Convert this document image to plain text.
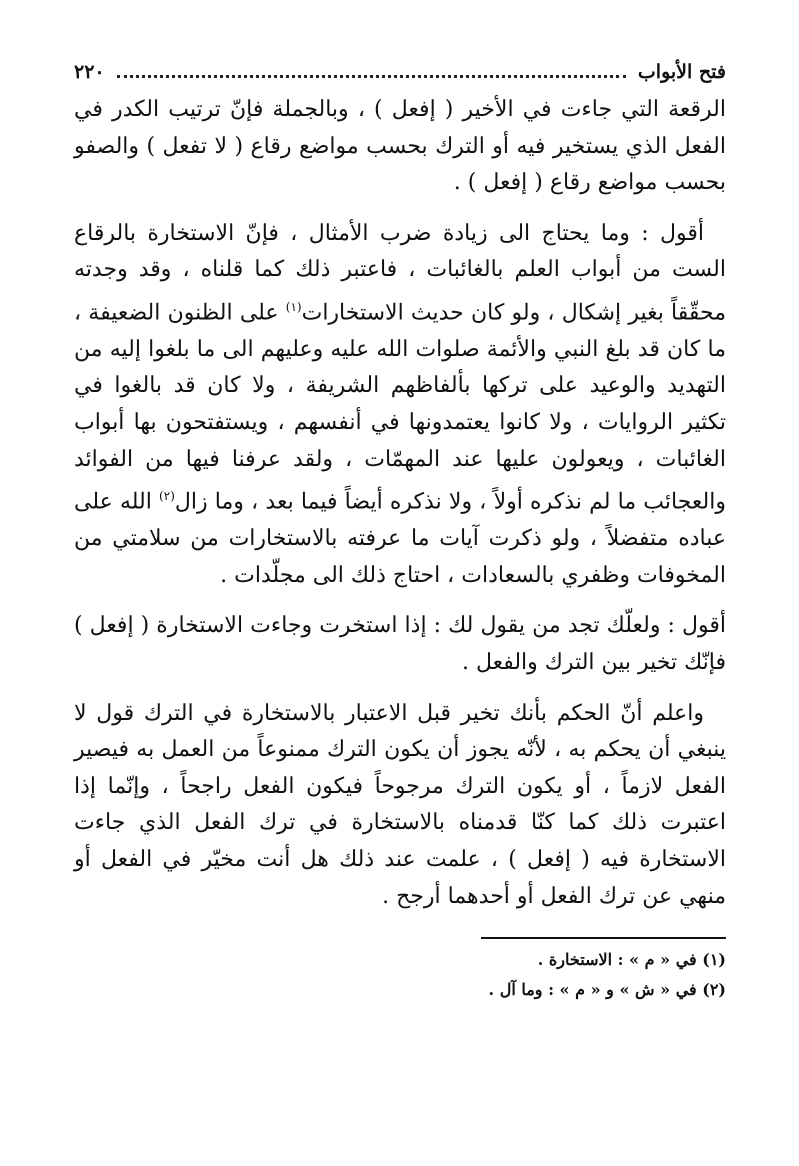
فتح الأبواب
٢٢٠

الرقعة التي جاءت في الأخير ( إفعل ) ، وبالجملة فإنّ ترتيب الكدر في الفعل الذي يستخير فيه أو الترك بحسب مواضع رقاع ( لا تفعل ) والصفو بحسب مواضع رقاع ( إفعل ) .

أقول : وما يحتاج الى زيادة ضرب الأمثال ، فإنّ الاستخارة بالرقاع الست من أبواب العلم بالغائبات ، فاعتبر ذلك كما قلناه ، وقد وجدته محقّقاً بغير إشكال ، ولو كان حديث الاستخارات$^{(١)}$ على الظنون الضعيفة ، ما كان قد بلغ النبي والأئمة صلوات الله عليه وعليهم الى ما بلغوا إليه من التهديد والوعيد على تركها بألفاظهم الشريفة ، ولا كان قد بالغوا في تكثير الروايات ، ولا كانوا يعتمدونها في أنفسهم ، ويستفتحون بها أبواب الغائبات ، ويعولون عليها عند المهمّات ، ولقد عرفنا فيها من الفوائد والعجائب ما لم نذكره أولاً ، ولا نذكره أيضاً فيما بعد ، وما زال$^{(٢)}$ الله على عباده متفضلاً ، ولو ذكرت آيات ما عرفته بالاستخارات من سلامتي من المخوفات وظفري بالسعادات ، احتاج ذلك الى مجلّدات .

أقول : ولعلّك تجد من يقول لك : إذا استخرت وجاءت الاستخارة ( إفعل ) فإنّك تخير بين الترك والفعل .

واعلم أنّ الحكم بأنك تخير قبل الاعتبار بالاستخارة في الترك قول لا ينبغي أن يحكم به ، لأنّه يجوز أن يكون الترك ممنوعاً من العمل به فيصير الفعل لازماً ، أو يكون الترك مرجوحاً فيكون الفعل راجحاً ، وإنّما إذا اعتبرت ذلك كما كنّا قدمناه بالاستخارة في ترك الفعل الذي جاءت الاستخارة فيه ( إفعل ) ، علمت عند ذلك هل أنت مخيّر في الفعل أو منهي عن ترك الفعل أو أحدهما أرجح .

(١) في « م » : الاستخارة .
(٢) في « ش » و « م » : وما آل .
